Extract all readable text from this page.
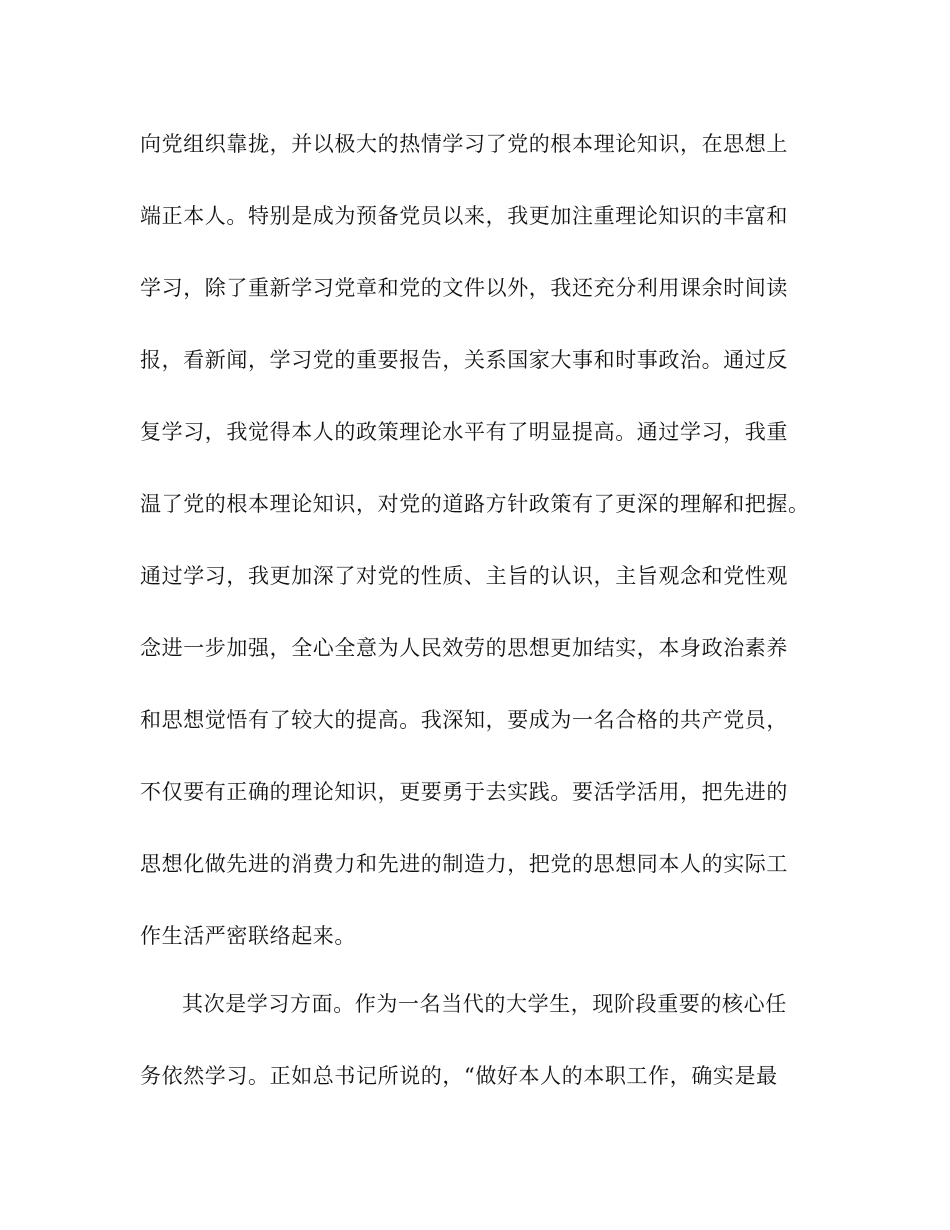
向党组织靠拢，并以极大的热情学习了党的根本理论知识，在思想上

端正本人。特别是成为预备党员以来，我更加注重理论知识的丰富和

学习，除了重新学习党章和党的文件以外，我还充分利用课余时间读

报，看新闻，学习党的重要报告，关系国家大事和时事政治。通过反

复学习，我觉得本人的政策理论水平有了明显提高。通过学习，我重

温了党的根本理论知识，对党的道路方针政策有了更深的理解和把握。

通过学习，我更加深了对党的性质、主旨的认识，主旨观念和党性观

念进一步加强，全心全意为人民效劳的思想更加结实，本身政治素养

和思想觉悟有了较大的提高。我深知，要成为一名合格的共产党员，

不仅要有正确的理论知识，更要勇于去实践。要活学活用，把先进的

思想化做先进的消费力和先进的制造力，把党的思想同本人的实际工

作生活严密联络起来。

其次是学习方面。作为一名当代的大学生，现阶段重要的核心任

务依然学习。正如总书记所说的，“做好本人的本职工作，确实是最
